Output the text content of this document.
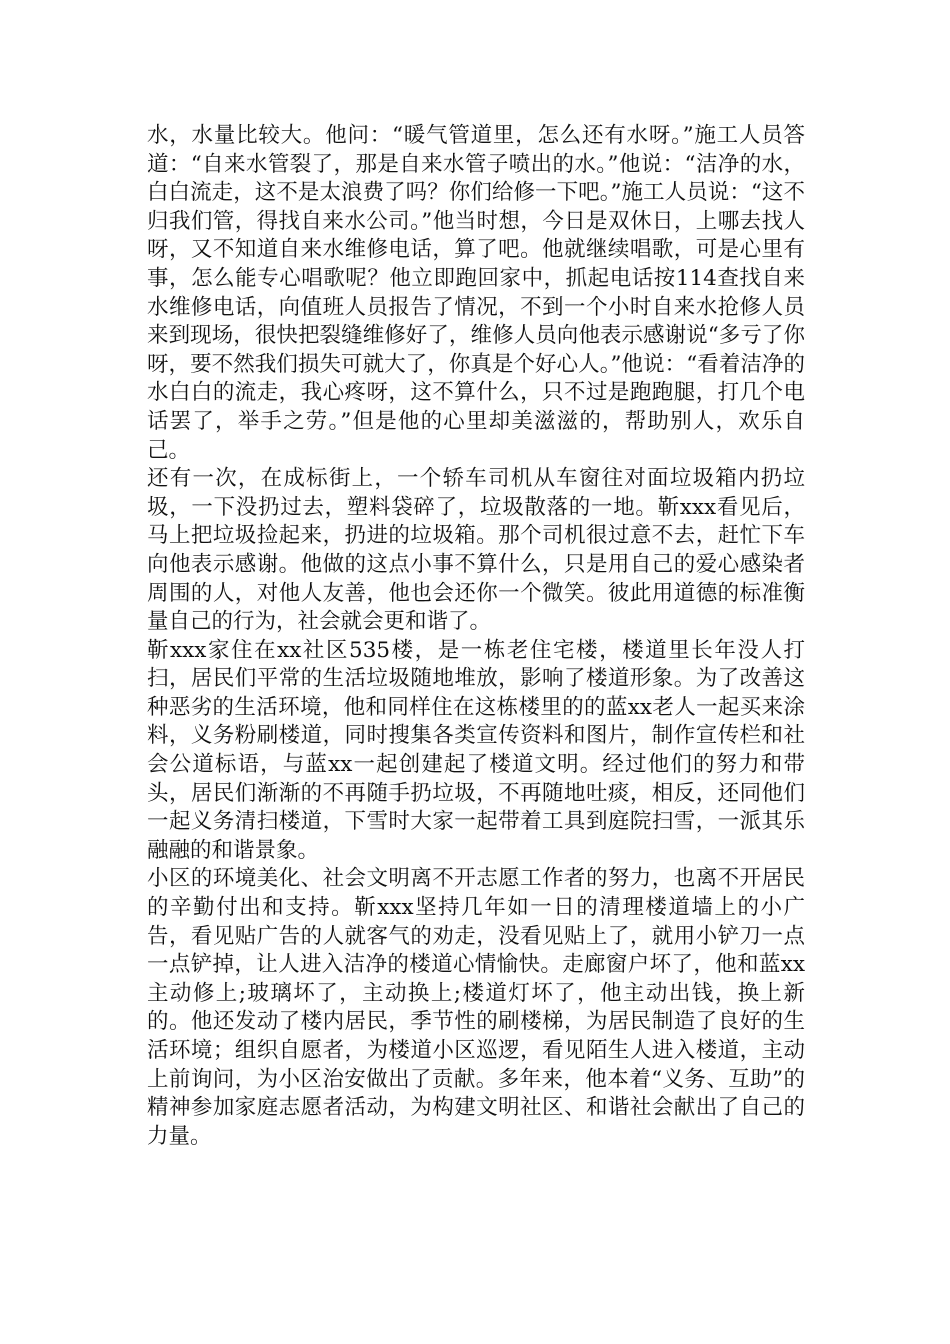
水，水量比较大。他问：“暖气管道里，怎么还有水呀。”施工人员答道：“自来水管裂了，那是自来水管子喷出的水。”他说：“洁净的水，白白流走，这不是太浪费了吗？你们给修一下吧。”施工人员说：“这不归我们管，得找自来水公司。”他当时想，今日是双休日，上哪去找人呀，又不知道自来水维修电话，算了吧。他就继续唱歌，可是心里有事，怎么能专心唱歌呢？他立即跑回家中，抓起电话按114查找自来水维修电话，向值班人员报告了情况，不到一个小时自来水抢修人员来到现场，很快把裂缝维修好了，维修人员向他表示感谢说“多亏了你呀，要不然我们损失可就大了，你真是个好心人。”他说：“看着洁净的水白白的流走，我心疼呀，这不算什么，只不过是跑跑腿，打几个电话罢了，举手之劳。”但是他的心里却美滋滋的，帮助别人，欢乐自己。

还有一次，在成标街上，一个轿车司机从车窗往对面垃圾箱内扔垃圾，一下没扔过去，塑料袋碎了，垃圾散落的一地。靳xxx看见后，马上把垃圾捡起来，扔进的垃圾箱。那个司机很过意不去，赶忙下车向他表示感谢。他做的这点小事不算什么，只是用自己的爱心感染者周围的人，对他人友善，他也会还你一个微笑。彼此用道德的标准衡量自己的行为，社会就会更和谐了。

靳xxx家住在xx社区535楼，是一栋老住宅楼，楼道里长年没人打扫，居民们平常的生活垃圾随地堆放，影响了楼道形象。为了改善这种恶劣的生活环境，他和同样住在这栋楼里的的蓝xx老人一起买来涂料，义务粉刷楼道，同时搜集各类宣传资料和图片，制作宣传栏和社会公道标语，与蓝xx一起创建起了楼道文明。经过他们的努力和带头，居民们渐渐的不再随手扔垃圾，不再随地吐痰，相反，还同他们一起义务清扫楼道，下雪时大家一起带着工具到庭院扫雪，一派其乐融融的和谐景象。

小区的环境美化、社会文明离不开志愿工作者的努力，也离不开居民的辛勤付出和支持。靳xxx坚持几年如一日的清理楼道墙上的小广告，看见贴广告的人就客气的劝走，没看见贴上了，就用小铲刀一点一点铲掉，让人进入洁净的楼道心情愉快。走廊窗户坏了，他和蓝xx主动修上;玻璃坏了，主动换上;楼道灯坏了，他主动出钱，换上新的。他还发动了楼内居民，季节性的刷楼梯，为居民制造了良好的生活环境；组织自愿者，为楼道小区巡逻，看见陌生人进入楼道，主动上前询问，为小区治安做出了贡献。多年来，他本着“义务、互助”的精神参加家庭志愿者活动，为构建文明社区、和谐社会献出了自己的力量。
